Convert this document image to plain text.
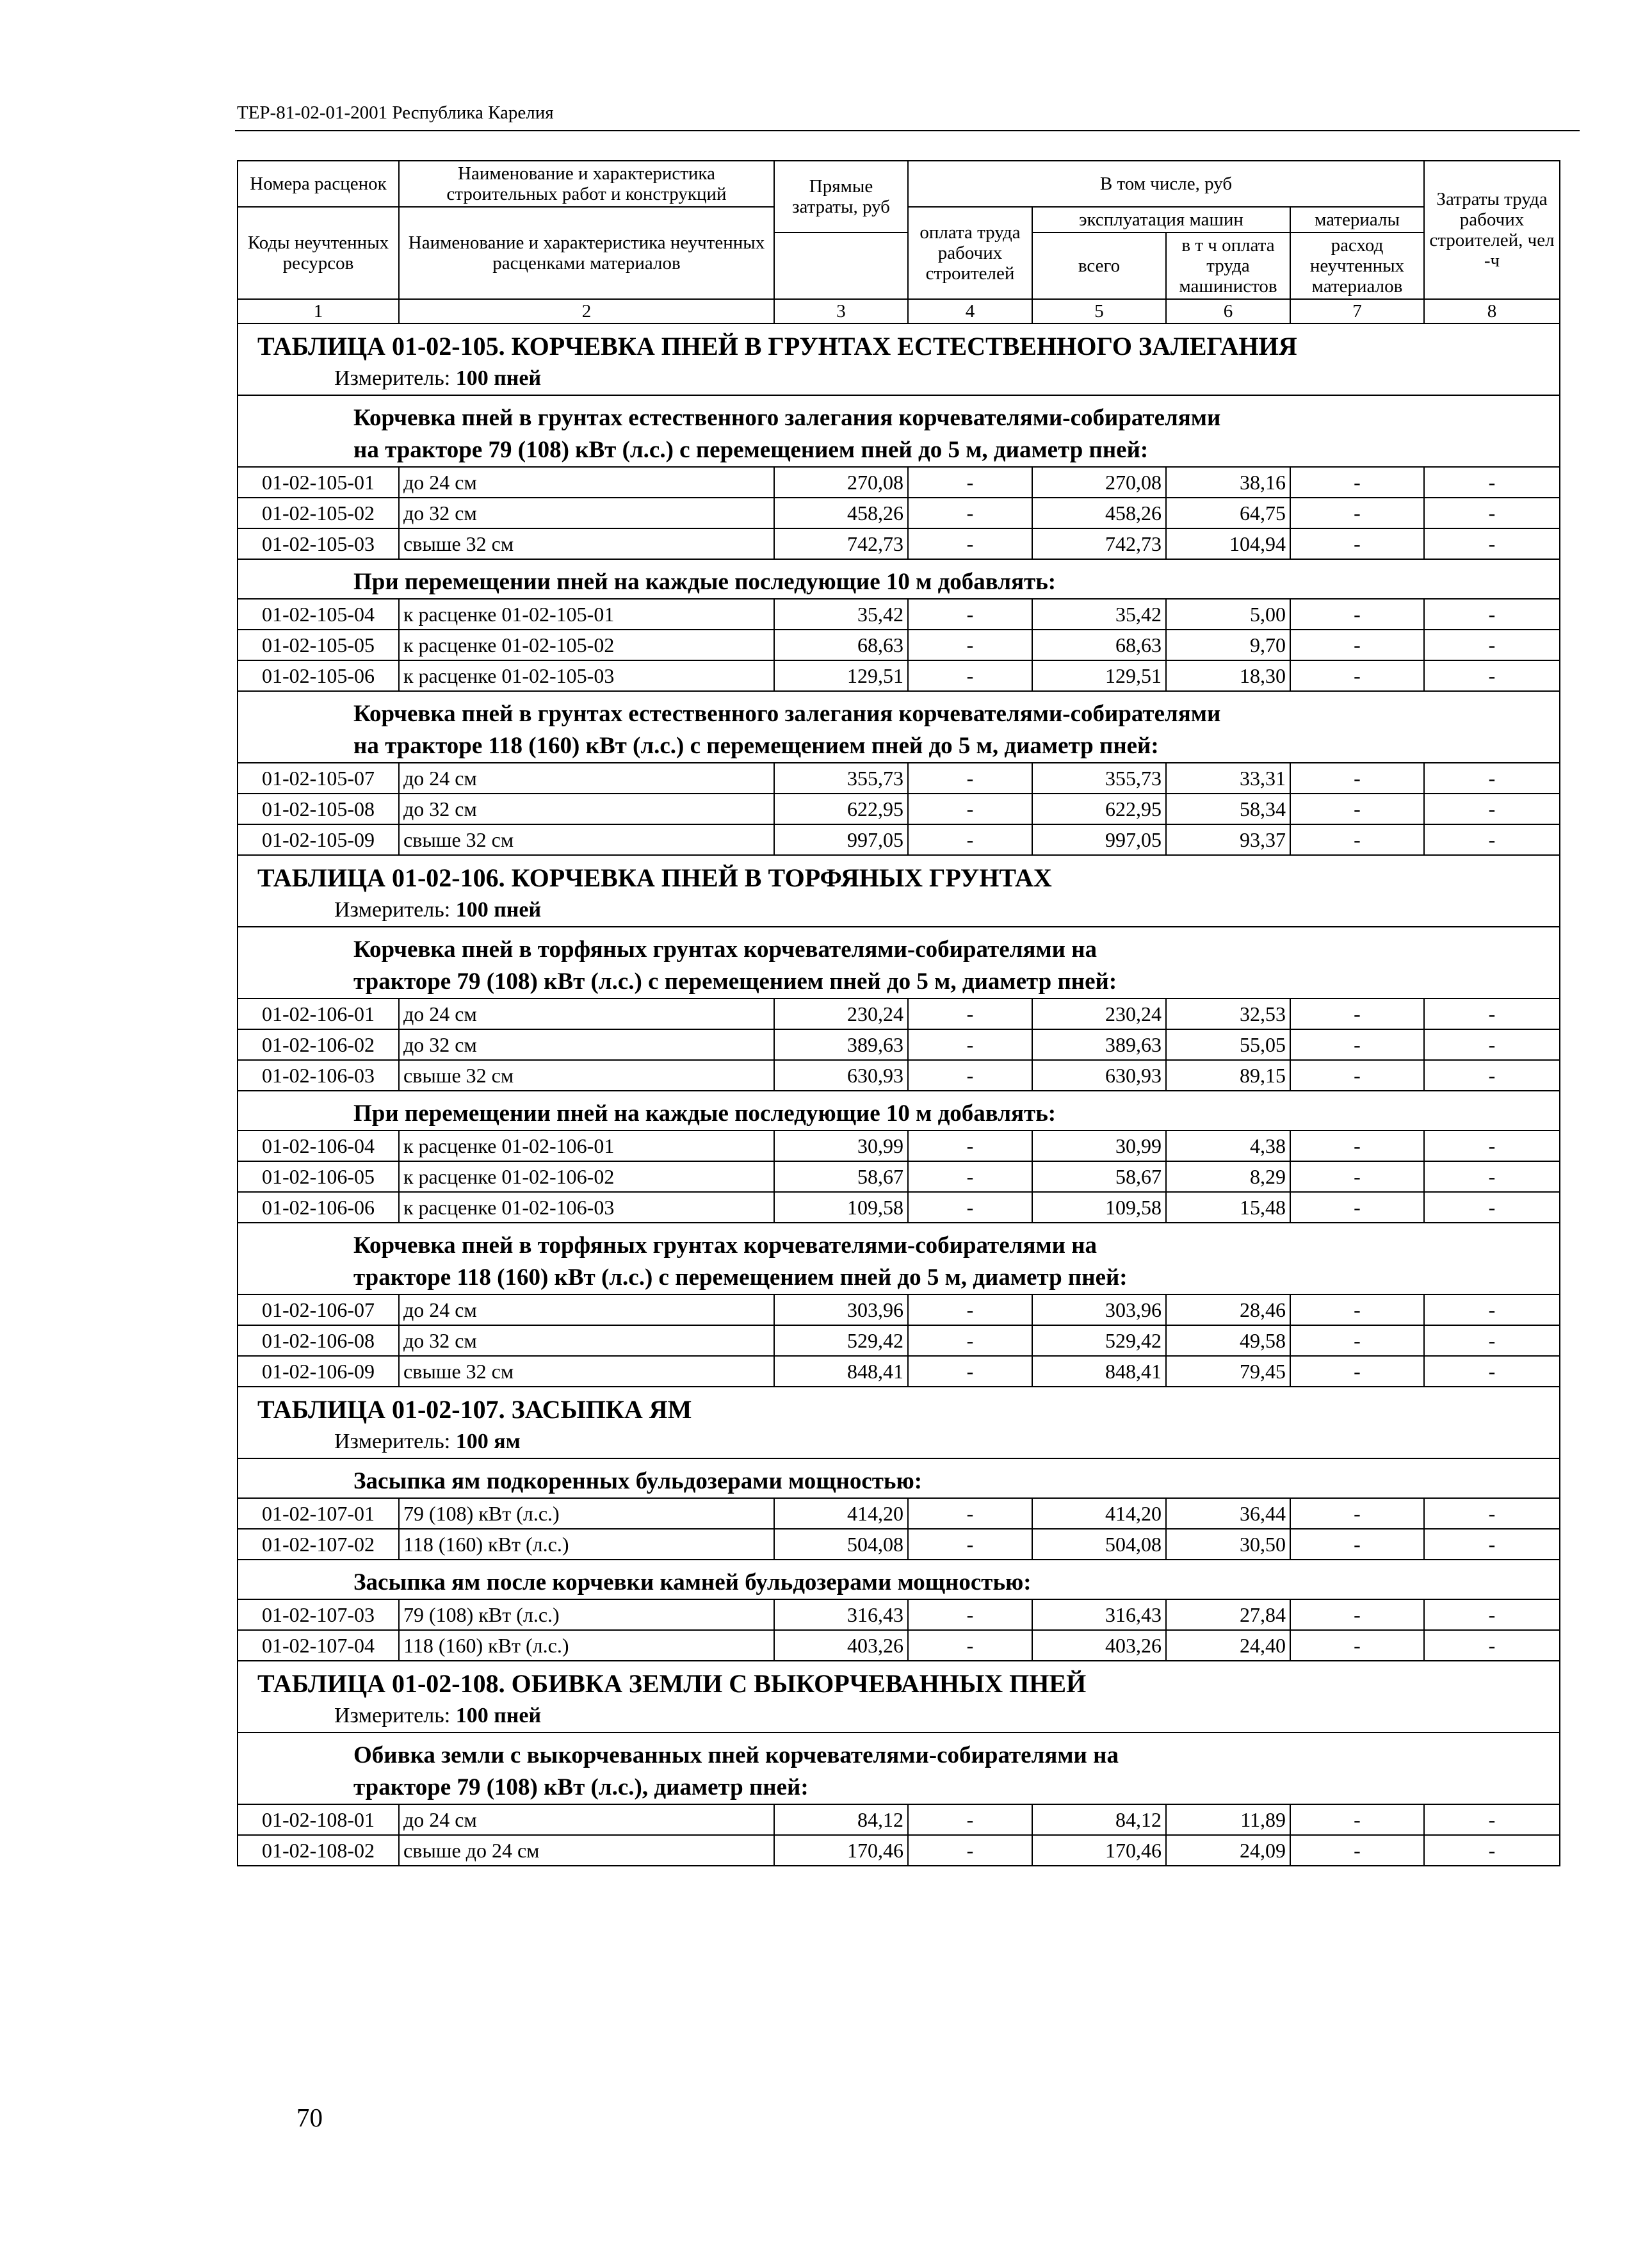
ТЕР-81-02-01-2001 Республика Карелия
Номера расценок	Наименование и характеристика строительных работ и конструкций	Прямые затраты, руб	В том числе, руб				Затраты труда рабочих строителей, чел -ч
Коды неучтенных ресурсов	Наименование и характеристика неучтенных расценками материалов		оплата труда рабочих строителей	эксплуатация машин		материалы	
				всего	в т ч оплата труда машинистов	расход неучтенных материалов	

1	2	3	4	5	6	7	8

ТАБЛИЦА 01-02-105. КОРЧЕВКА ПНЕЙ В ГРУНТАХ ЕСТЕСТВЕННОГО ЗАЛЕГАНИЯ
Измеритель: 100 пней							

Корчевка пней в грунтах естественного залегания корчевателями-собирателями
на тракторе 79 (108) кВт (л.с.) с перемещением пней до 5 м, диаметр пней:							

01-02-105-01	до 24 см	270,08	-	270,08	38,16	-	-
01-02-105-02	до 32 см	458,26	-	458,26	64,75	-	-
01-02-105-03	свыше 32 см	742,73	-	742,73	104,94	-	-

При перемещении пней на каждые последующие 10 м добавлять:							

01-02-105-04	к расценке 01-02-105-01	35,42	-	35,42	5,00	-	-
01-02-105-05	к расценке 01-02-105-02	68,63	-	68,63	9,70	-	-
01-02-105-06	к расценке 01-02-105-03	129,51	-	129,51	18,30	-	-

Корчевка пней в грунтах естественного залегания корчевателями-собирателями
на тракторе 118 (160) кВт (л.с.) с перемещением пней до 5 м, диаметр пней:							

01-02-105-07	до 24 см	355,73	-	355,73	33,31	-	-
01-02-105-08	до 32 см	622,95	-	622,95	58,34	-	-
01-02-105-09	свыше 32 см	997,05	-	997,05	93,37	-	-

ТАБЛИЦА 01-02-106. КОРЧЕВКА ПНЕЙ В ТОРФЯНЫХ ГРУНТАХ
Измеритель: 100 пней							

Корчевка пней в торфяных грунтах корчевателями-собирателями на
тракторе 79 (108) кВт (л.с.) с перемещением пней до 5 м, диаметр пней:							

01-02-106-01	до 24 см	230,24	-	230,24	32,53	-	-
01-02-106-02	до 32 см	389,63	-	389,63	55,05	-	-
01-02-106-03	свыше 32 см	630,93	-	630,93	89,15	-	-

При перемещении пней на каждые последующие 10 м добавлять:							

01-02-106-04	к расценке 01-02-106-01	30,99	-	30,99	4,38	-	-
01-02-106-05	к расценке 01-02-106-02	58,67	-	58,67	8,29	-	-
01-02-106-06	к расценке 01-02-106-03	109,58	-	109,58	15,48	-	-

Корчевка пней в торфяных грунтах корчевателями-собирателями на
тракторе 118 (160) кВт (л.с.) с перемещением пней до 5 м, диаметр пней:							

01-02-106-07	до 24 см	303,96	-	303,96	28,46	-	-
01-02-106-08	до 32 см	529,42	-	529,42	49,58	-	-
01-02-106-09	свыше 32 см	848,41	-	848,41	79,45	-	-

ТАБЛИЦА 01-02-107. ЗАСЫПКА ЯМ
Измеритель: 100 ям							

Засыпка ям подкоренных бульдозерами мощностью:							

01-02-107-01	79 (108) кВт (л.с.)	414,20	-	414,20	36,44	-	-
01-02-107-02	118 (160) кВт (л.с.)	504,08	-	504,08	30,50	-	-

Засыпка ям после корчевки камней бульдозерами мощностью:							

01-02-107-03	79 (108) кВт (л.с.)	316,43	-	316,43	27,84	-	-
01-02-107-04	118 (160) кВт (л.с.)	403,26	-	403,26	24,40	-	-

ТАБЛИЦА 01-02-108. ОБИВКА ЗЕМЛИ С ВЫКОРЧЕВАННЫХ ПНЕЙ
Измеритель: 100 пней							

Обивка земли с выкорчеванных пней корчевателями-собирателями на
тракторе 79 (108) кВт (л.с.), диаметр пней:							

01-02-108-01	до 24 см	84,12	-	84,12	11,89	-	-
01-02-108-02	свыше до 24 см	170,46	-	170,46	24,09	-	-
70
